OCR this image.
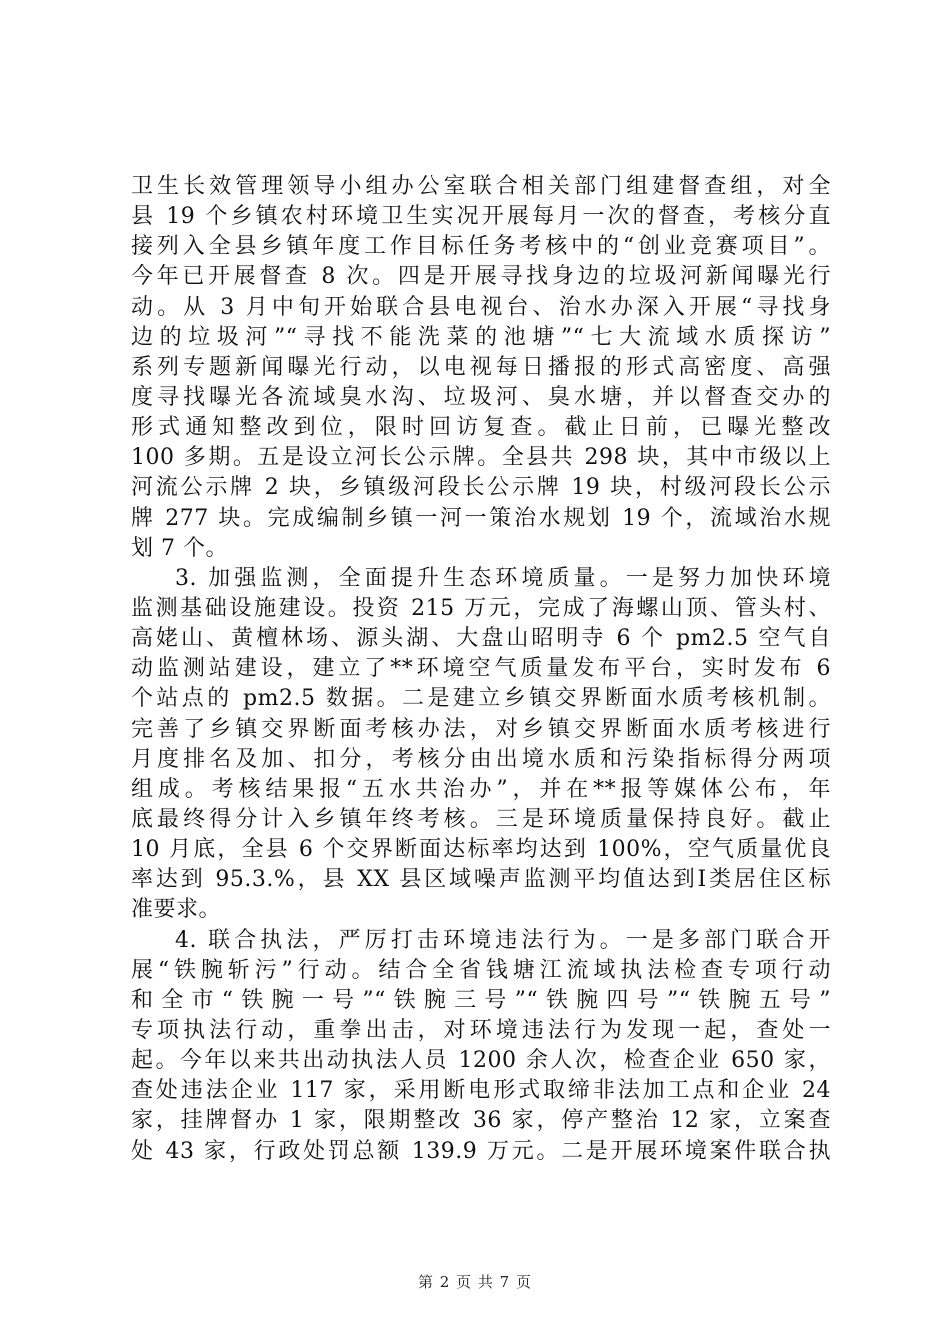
卫生长效管理领导小组办公室联合相关部门组建督查组，对全
县 19 个乡镇农村环境卫生实况开展每月一次的督查，考核分直
接列入全县乡镇年度工作目标任务考核中的“创业竞赛项目”。
今年已开展督查 8 次。四是开展寻找身边的垃圾河新闻曝光行
动。从 3 月中旬开始联合县电视台、治水办深入开展“寻找身
边的垃圾河”“寻找不能洗菜的池塘”“七大流域水质探访”
系列专题新闻曝光行动，以电视每日播报的形式高密度、高强
度寻找曝光各流域臭水沟、垃圾河、臭水塘，并以督查交办的
形式通知整改到位，限时回访复查。截止日前，已曝光整改
100 多期。五是设立河长公示牌。全县共 298 块，其中市级以上
河流公示牌 2 块，乡镇级河段长公示牌 19 块，村级河段长公示
牌 277 块。完成编制乡镇一河一策治水规划 19 个，流域治水规
划 7 个。
3. 加强监测，全面提升生态环境质量。一是努力加快环境
监测基础设施建设。投资 215 万元，完成了海螺山顶、管头村、
高姥山、黄檀林场、源头湖、大盘山昭明寺 6 个 pm2.5 空气自
动监测站建设，建立了**环境空气质量发布平台，实时发布 6
个站点的 pm2.5 数据。二是建立乡镇交界断面水质考核机制。
完善了乡镇交界断面考核办法，对乡镇交界断面水质考核进行
月度排名及加、扣分，考核分由出境水质和污染指标得分两项
组成。考核结果报“五水共治办”，并在**报等媒体公布，年
底最终得分计入乡镇年终考核。三是环境质量保持良好。截止
10 月底，全县 6 个交界断面达标率均达到 100%，空气质量优良
率达到 95.3.%，县 XX 县区域噪声监测平均值达到Ⅰ类居住区标
准要求。
4. 联合执法，严厉打击环境违法行为。一是多部门联合开
展“铁腕斩污”行动。结合全省钱塘江流域执法检查专项行动
和全市“铁腕一号”“铁腕三号”“铁腕四号”“铁腕五号”
专项执法行动，重拳出击，对环境违法行为发现一起，查处一
起。今年以来共出动执法人员 1200 余人次，检查企业 650 家，
查处违法企业 117 家，采用断电形式取缔非法加工点和企业 24
家，挂牌督办 1 家，限期整改 36 家，停产整治 12 家，立案查
处 43 家，行政处罚总额 139.9 万元。二是开展环境案件联合执
第 2 页 共 7 页
